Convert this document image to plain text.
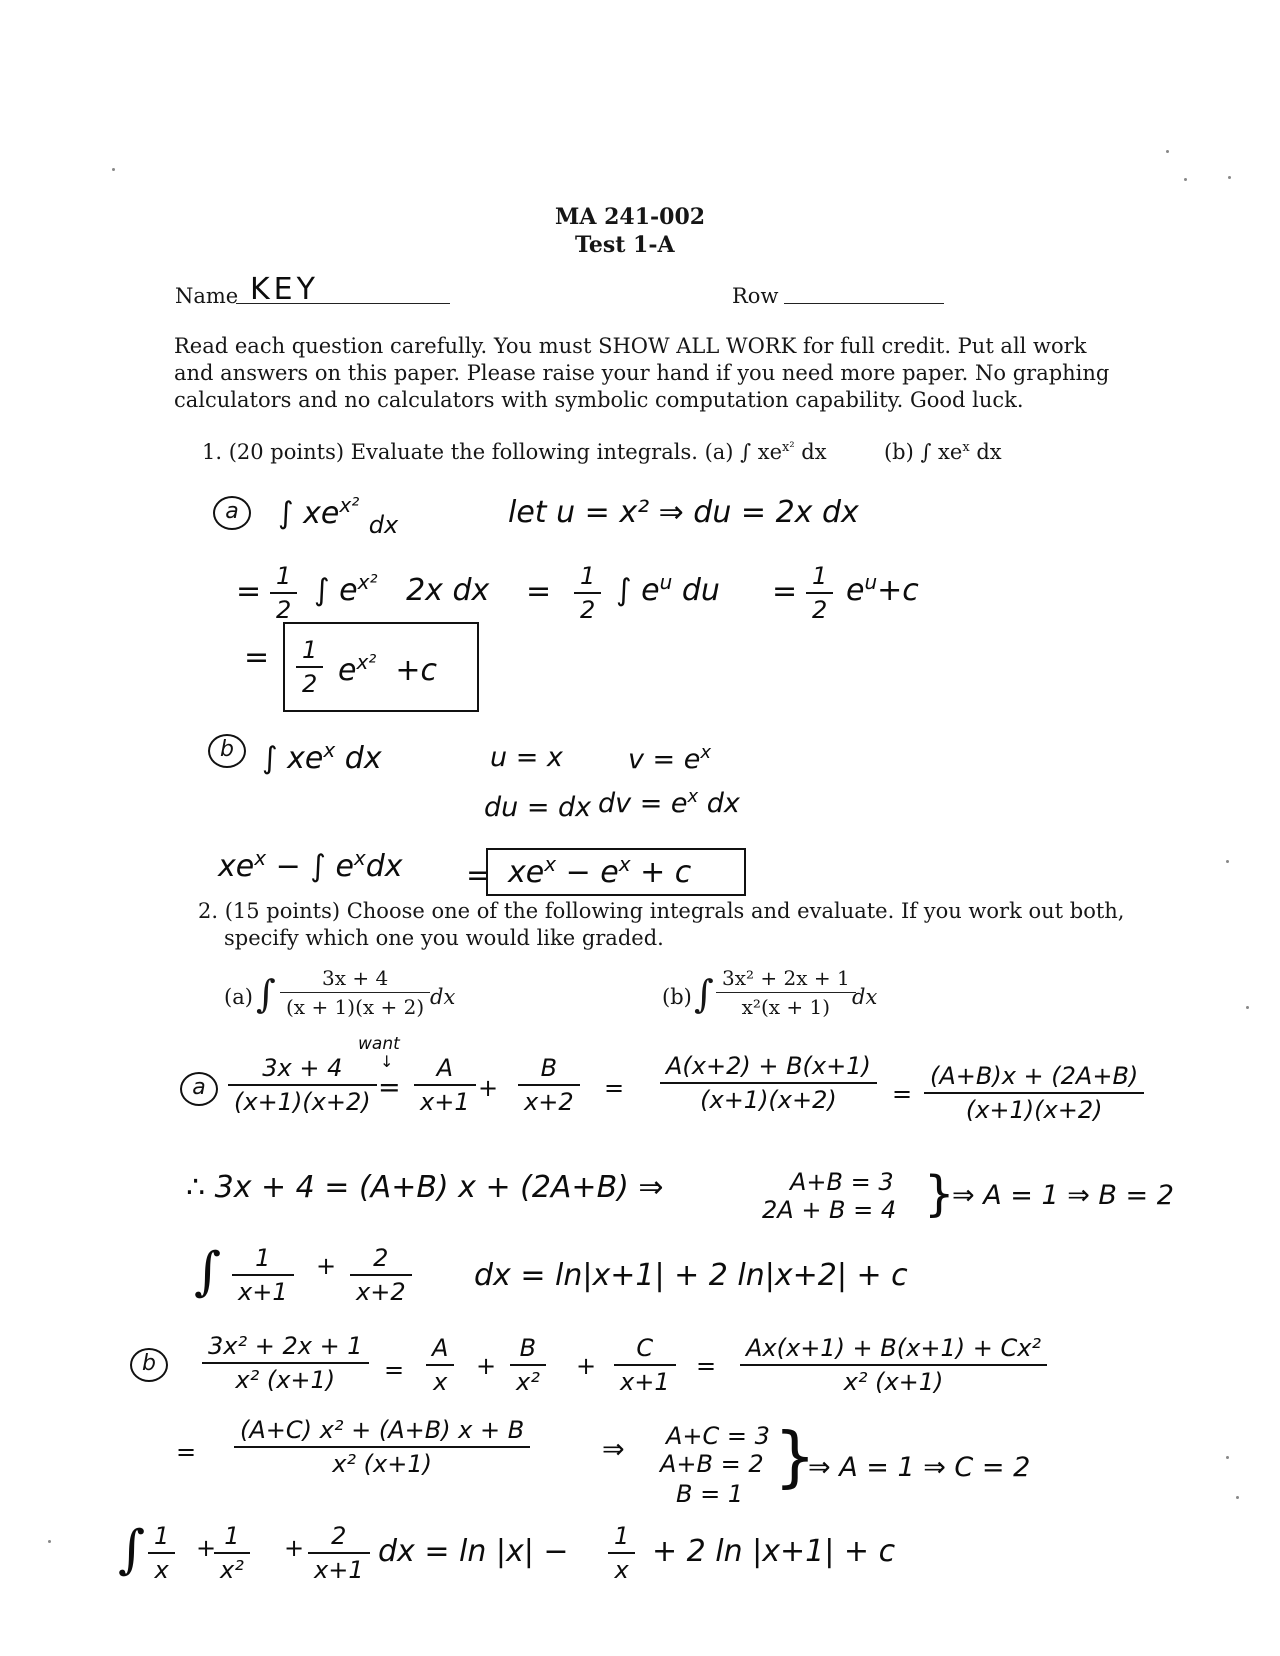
MA 241-002
Test 1-A
Name KEY	Row
Read each question carefully. You must SHOW ALL WORK for full credit. Put all work
and answers on this paper. Please raise your hand if you need more paper. No graphing
calculators and no calculators with symbolic computation capability. Good luck.
1. (20 points) Evaluate the following integrals. (a) ∫ $xe^{x^2}$ dx	(b) ∫ $xe^x$ dx
a	∫ $xe^{x^2}$ $_{dx}$	let u = x² ⇒ du = 2x dx
= $\frac{1}{2}$ ∫ $e^{x^2}$ 2x dx = $\frac{1}{2}$ ∫ $e^u$ du = $\frac{1}{2} e^u+c$
= $\frac{1}{2} e^{x^2} +c$
b ∫ $xe^x$ dx	u = x $v = e^x$
du = dx dv = $e^x$ dx
$xe^x$ − ∫ $e^xdx = xe^x - e^x + c$
2. (15 points) Choose one of the following integrals and evaluate. If you work out both,
specify which one you would like graded.
(a) ∫ $\frac{3x + 4}{(x + 1)(x + 2)}$ dx	(b) ∫ $\frac{\text{3x² + 2x + 1}}{\text{x²(x + 1)}}$
dx
want
↓
a $\frac{3x + 4}{(x+1)(x+2)} = \frac{A}{x+1} + \frac{B}{x+2} = \frac{A(x+2) + B(x+1)}{(x+1)(x+2)} = \frac{(A+B)x + (2A+B)}{(x+1)(x+2)}$
∴ 3x + 4 = (A+B) x + (2A+B) ⇒	A+B = 3
2A + B = 4 }
⇒ A = 1 ⇒ B = 2
∫ $\frac{1}{x+1} + \frac{2}{x+2}$ dx = ln|x+1| + 2 ln|x+2| + c
b	$\frac{\text{3x² + 2x + 1}}{\text{x² (x+1)}} = \frac{A}{x} + \frac{B}{\text{x²}} + \frac{C}{x+1} = \frac{\text{Ax(x+1) + B(x+1) + Cx²}}{\text{x² (x+1)}}$
= $\frac{\text{(A+C) x² + (A+B) x + B}}{\text{x² (x+1)}}$	⇒ A+C = 3
A+B = 2
B = 1 }
⇒ A = 1 ⇒ C = 2
∫ $\frac{1}{x}$ +
$\frac{1}{\text{x²}} + \frac{2}{x+1}$ dx = $\ln |x| - \frac{1}{x} + 2$ ln |x+1| + c
